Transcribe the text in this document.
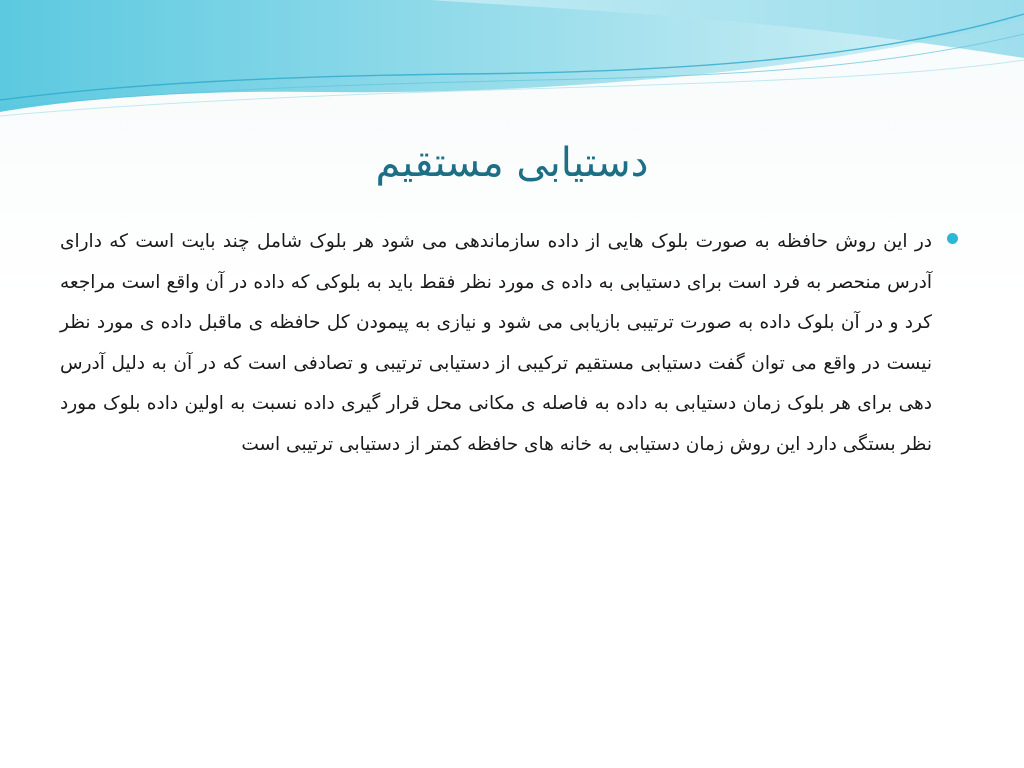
دستیابی مستقیم

در این روش حافظه به صورت بلوک هایی از داده سازماندهی می شود هر بلوک شامل چند بایت است که دارای آدرس منحصر به فرد است برای دستیابی به داده ی مورد نظر فقط باید به بلوکی که داده در آن واقع است مراجعه کرد و در آن بلوک داده به صورت ترتیبی بازیابی می شود و نیازی به پیمودن کل حافظه ی ماقبل داده ی مورد نظر نیست در واقع می توان گفت دستیابی مستقیم ترکیبی از دستیابی ترتیبی و تصادفی است که در آن به دلیل آدرس دهی برای هر بلوک زمان دستیابی به داده به فاصله ی مکانی محل قرار گیری داده نسبت به اولین داده بلوک مورد نظر بستگی دارد این روش زمان دستیابی به خانه های حافظه کمتر از دستیابی ترتیبی است
